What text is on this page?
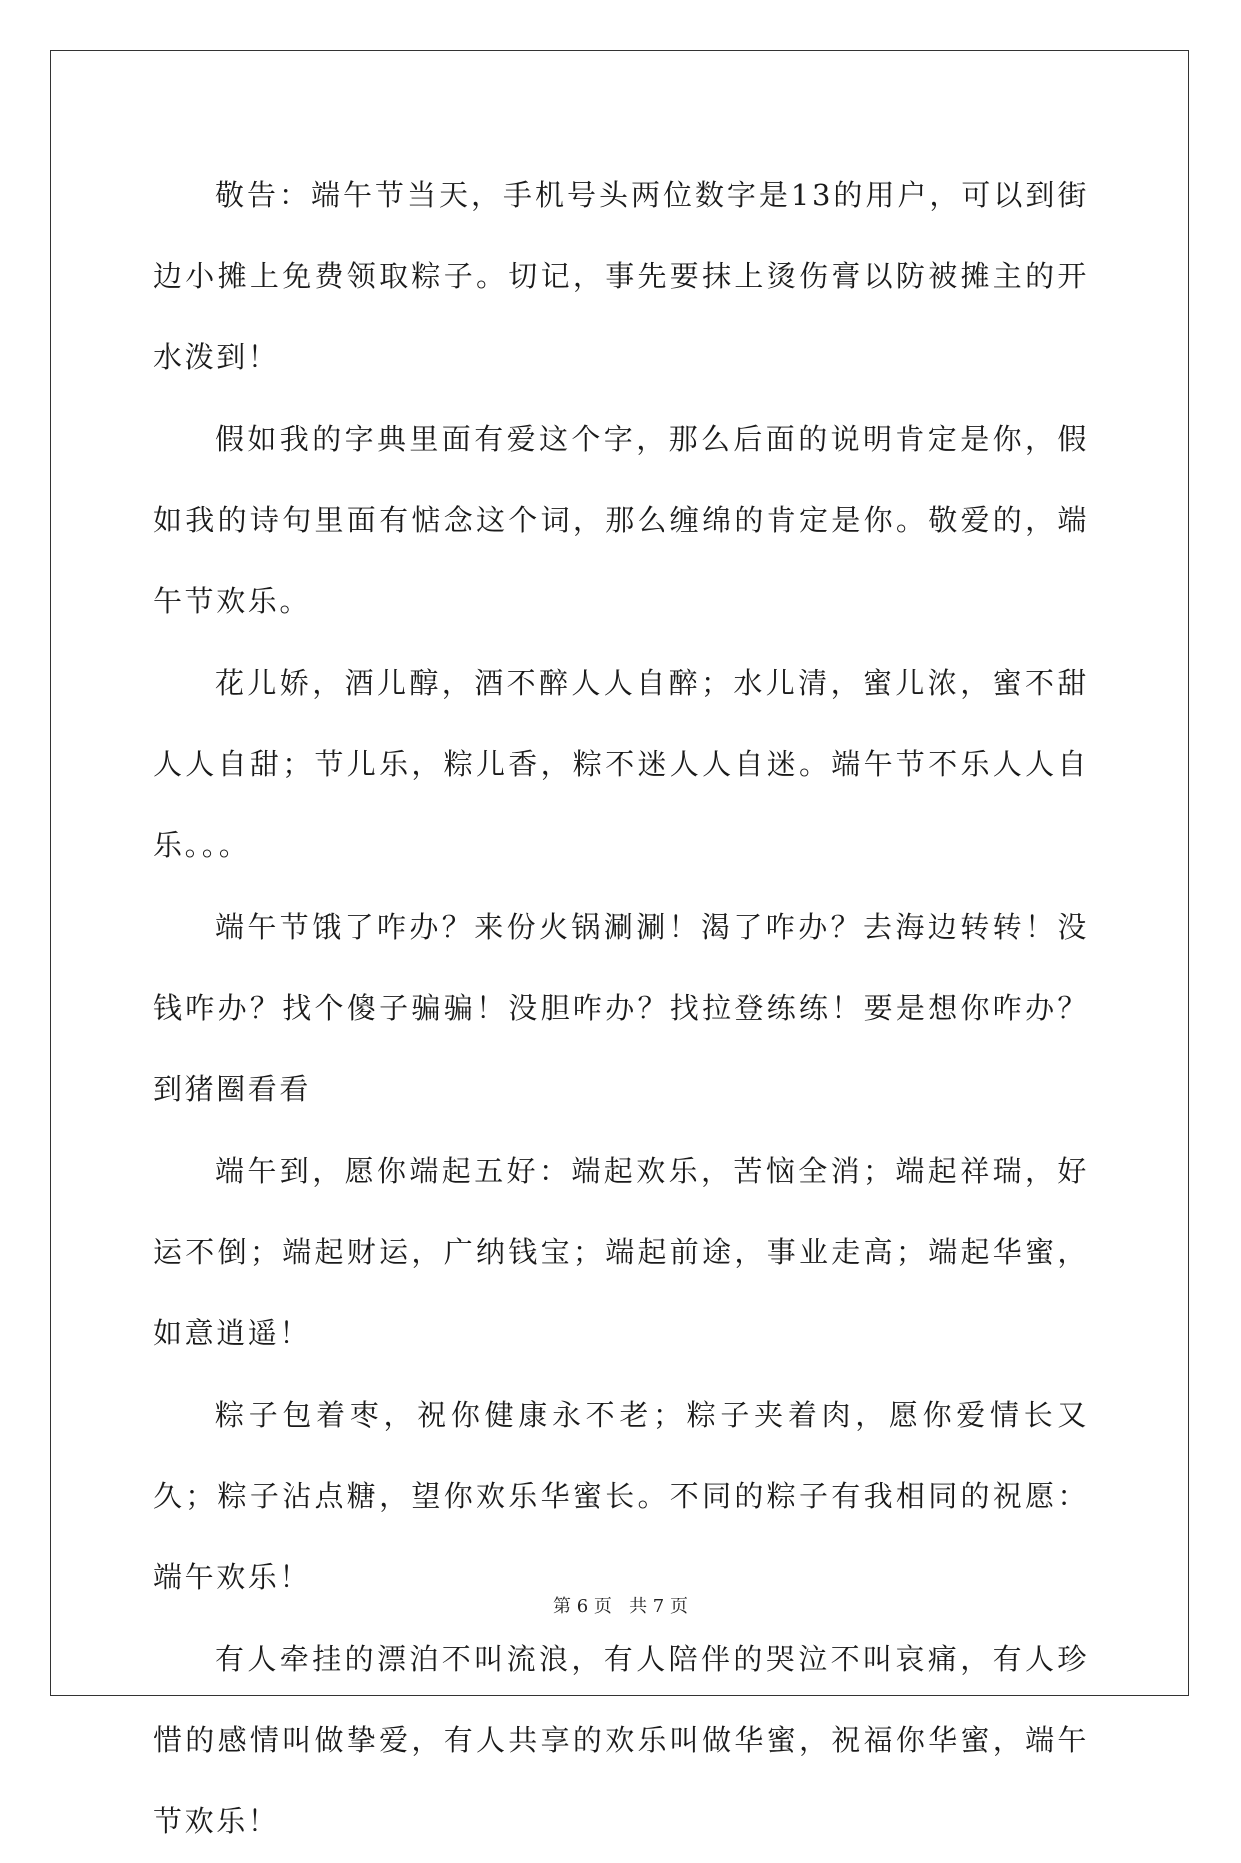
敬告：端午节当天，手机号头两位数字是13的用户，可以到街边小摊上免费领取粽子。切记，事先要抹上烫伤膏以防被摊主的开水泼到！

假如我的字典里面有爱这个字，那么后面的说明肯定是你，假如我的诗句里面有惦念这个词，那么缠绵的肯定是你。敬爱的，端午节欢乐。

花儿娇，酒儿醇，酒不醉人人自醉；水儿清，蜜儿浓，蜜不甜人人自甜；节儿乐，粽儿香，粽不迷人人自迷。端午节不乐人人自乐。。。

端午节饿了咋办？来份火锅涮涮！渴了咋办？去海边转转！没钱咋办？找个傻子骗骗！没胆咋办？找拉登练练！要是想你咋办？到猪圈看看

端午到，愿你端起五好：端起欢乐，苦恼全消；端起祥瑞，好运不倒；端起财运，广纳钱宝；端起前途，事业走高；端起华蜜，如意逍遥！

粽子包着枣，祝你健康永不老；粽子夹着肉，愿你爱情长又久；粽子沾点糖，望你欢乐华蜜长。不同的粽子有我相同的祝愿：端午欢乐！

有人牵挂的漂泊不叫流浪，有人陪伴的哭泣不叫哀痛，有人珍惜的感情叫做挚爱，有人共享的欢乐叫做华蜜，祝福你华蜜，端午节欢乐！

第 6 页   共 7 页
